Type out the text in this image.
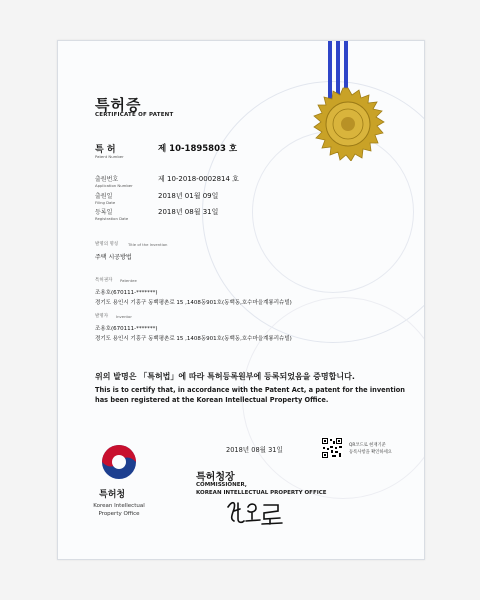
특허증
CERTIFICATE OF PATENT
특 허
Patent Number
제 10-1895803 호
출원번호
Application Number
제 10-2018-0002814 호
출원일
Filing Date
2018년 01월 09일
등록일
Registration Date
2018년 08월 31일
발명의 명칭	Title of the Invention
주택 시공방법
특허권자 Patentee
조용호(670111-*******)
경기도 용인시 기흥구 동백평촌로 15 ,1408동901호(동백동,호수마을계룡리슈빌)
발명자 Inventor
조용호(670111-*******)
경기도 용인시 기흥구 동백평촌로 15 ,1408동901호(동백동,호수마을계룡리슈빌)
위의 발명은 「특허법」에 따라 특허등록원부에 등록되었음을 증명합니다.
This is to certify that, in accordance with the Patent Act, a patent for the invention
has been registered at the Korean Intellectual Property Office.
2018년 08월 31일
QR코드로 현재기준
등록사항을 확인하세요
특허청
Korean Intellectual
Property Office
특허청장
COMMISSIONER,
KOREAN INTELLECTUAL PROPERTY OFFICE
